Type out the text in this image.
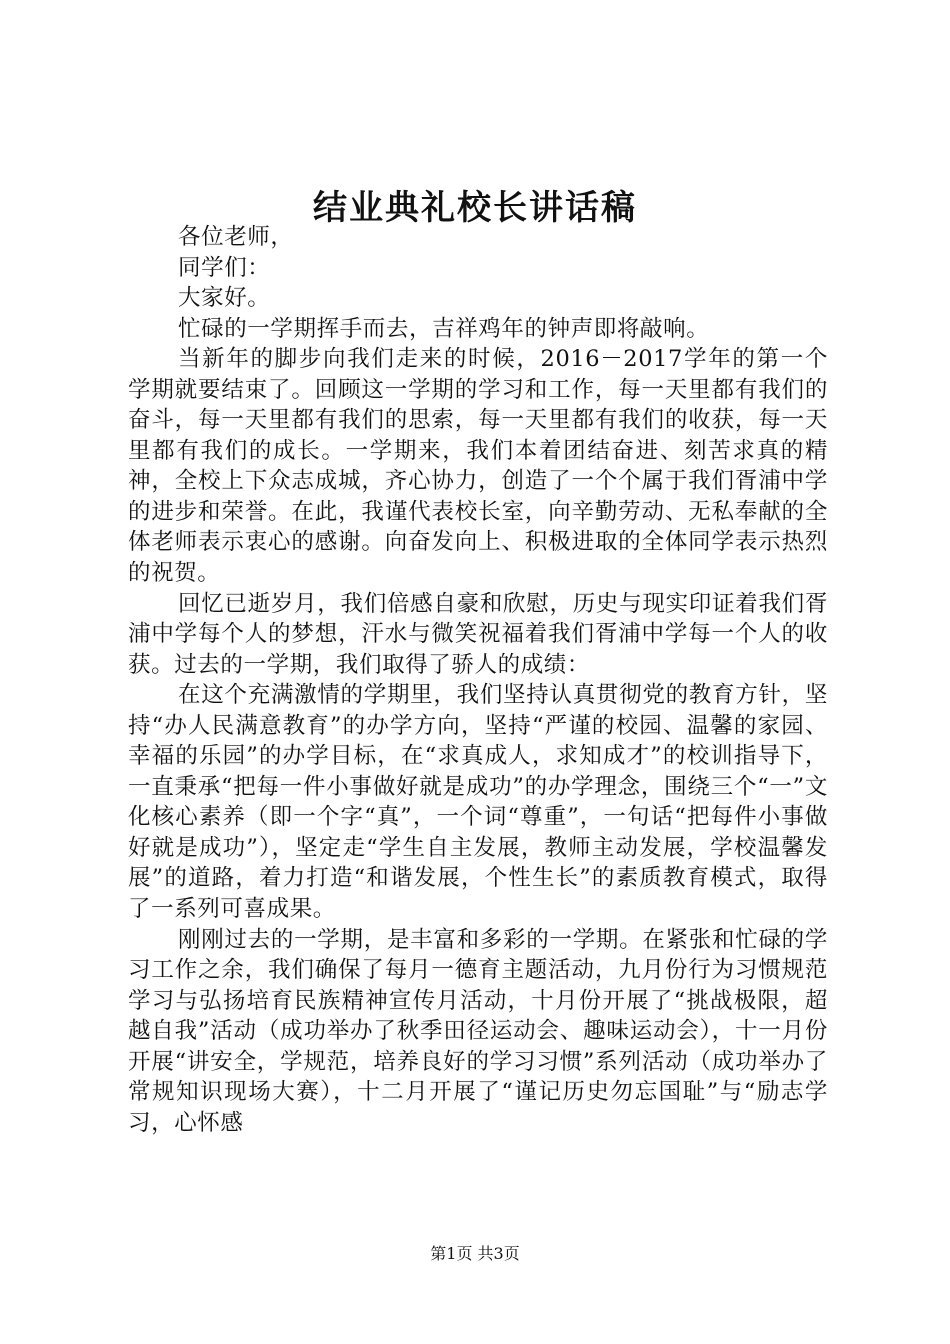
结业典礼校长讲话稿

各位老师，

同学们：

大家好。

忙碌的一学期挥手而去，吉祥鸡年的钟声即将敲响。

当新年的脚步向我们走来的时候，2016－2017学年的第一个学期就要结束了。回顾这一学期的学习和工作，每一天里都有我们的奋斗，每一天里都有我们的思索，每一天里都有我们的收获，每一天里都有我们的成长。一学期来，我们本着团结奋进、刻苦求真的精神，全校上下众志成城，齐心协力，创造了一个个属于我们胥浦中学的进步和荣誉。在此，我谨代表校长室，向辛勤劳动、无私奉献的全体老师表示衷心的感谢。向奋发向上、积极进取的全体同学表示热烈的祝贺。

回忆已逝岁月，我们倍感自豪和欣慰，历史与现实印证着我们胥浦中学每个人的梦想，汗水与微笑祝福着我们胥浦中学每一个人的收获。过去的一学期，我们取得了骄人的成绩：

在这个充满激情的学期里，我们坚持认真贯彻党的教育方针，坚持“办人民满意教育”的办学方向，坚持“严谨的校园、温馨的家园、幸福的乐园”的办学目标，在“求真成人，求知成才”的校训指导下，一直秉承“把每一件小事做好就是成功”的办学理念，围绕三个“一”文化核心素养（即一个字“真”，一个词“尊重”，一句话“把每件小事做好就是成功”），坚定走“学生自主发展，教师主动发展，学校温馨发展”的道路，着力打造“和谐发展，个性生长”的素质教育模式，取得了一系列可喜成果。

刚刚过去的一学期，是丰富和多彩的一学期。在紧张和忙碌的学习工作之余，我们确保了每月一德育主题活动，九月份行为习惯规范学习与弘扬培育民族精神宣传月活动，十月份开展了“挑战极限，超越自我”活动（成功举办了秋季田径运动会、趣味运动会），十一月份开展“讲安全，学规范，培养良好的学习习惯”系列活动（成功举办了常规知识现场大赛），十二月开展了“谨记历史勿忘国耻”与“励志学习，心怀感

第1页 共3页
